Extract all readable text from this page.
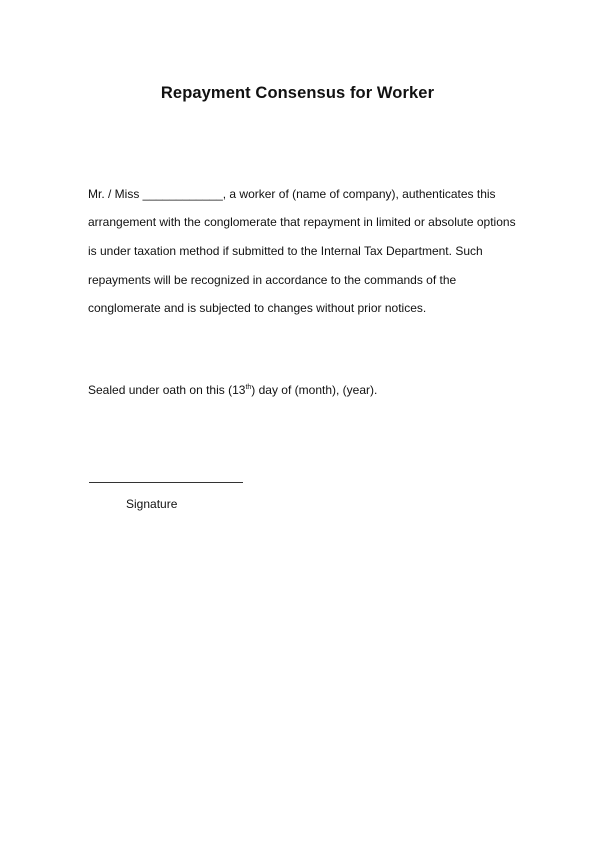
Repayment Consensus for Worker
Mr. / Miss ____________, a worker of (name of company), authenticates this
arrangement with the conglomerate that repayment in limited or absolute options
is under taxation method if submitted to the Internal Tax Department. Such
repayments will be recognized in accordance to the commands of the
conglomerate and is subjected to changes without prior notices.
Sealed under oath on this (13th) day of (month), (year).
Signature
